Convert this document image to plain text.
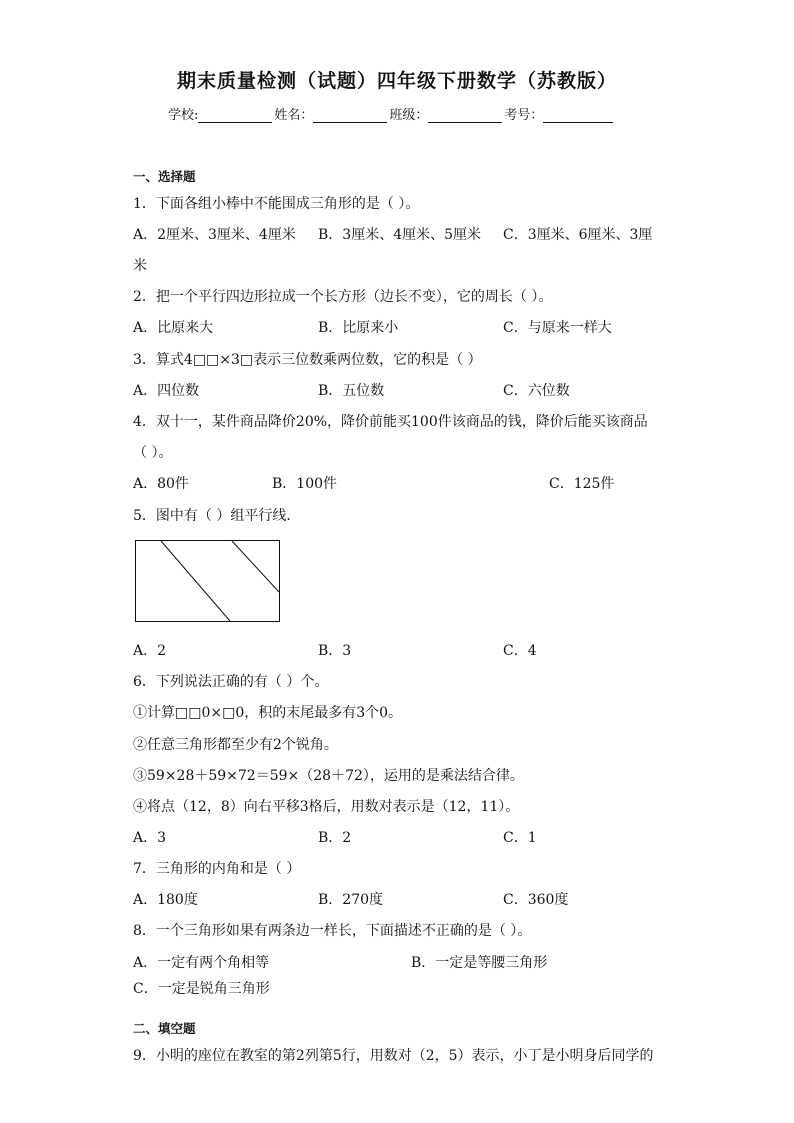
期末质量检测（试题）四年级下册数学（苏教版）
学校:	姓名：	班级：	考号：
一、选择题
1．下面各组小棒中不能围成三角形的是（ ）。
A．2厘米、3厘米、4厘米 B．3厘米、4厘米、5厘米 C．3厘米、6厘米、3厘
米
2．把一个平行四边形拉成一个长方形（边长不变），它的周长（ ）。
A．比原来大	B．比原来小	C．与原来一样大
3．算式4□□×3□表示三位数乘两位数，它的积是（ ）
A．四位数	B．五位数	C．六位数
4．双十一，某件商品降价20%，降价前能买100件该商品的钱，降价后能买该商品
（ ）。
A．80件	B．100件	C．125件
5．图中有（ ）组平行线．
A．2	B．3	C．4
6．下列说法正确的有（ ）个。
①计算□□0×□0，积的末尾最多有3个0。
②任意三角形都至少有2个锐角。
③59×28＋59×72＝59×（28＋72），运用的是乘法结合律。
④将点（12，8）向右平移3格后，用数对表示是（12，11）。
A．3	B．2	C．1
7．三角形的内角和是（ ）
A．180度	B．270度	C．360度
8．一个三角形如果有两条边一样长，下面描述不正确的是（ ）。
A．一定有两个角相等	B．一定是等腰三角形
C．一定是锐角三角形
二、填空题
9．小明的座位在教室的第2列第5行，用数对（2，5）表示，小丁是小明身后同学的
